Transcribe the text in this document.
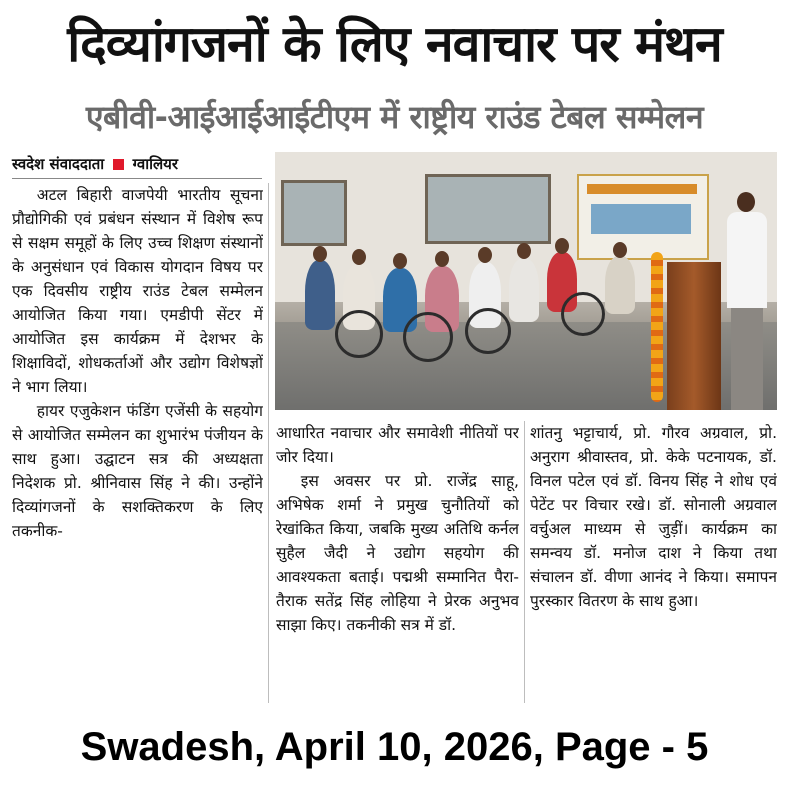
दिव्यांगजनों के लिए नवाचार पर मंथन
एबीवी-आईआईआईटीएम में राष्ट्रीय राउंड टेबल सम्मेलन
स्वदेश संवाददाता ग्वालियर

अटल बिहारी वाजपेयी भारतीय सूचना प्रौद्योगिकी एवं प्रबंधन संस्थान में विशेष रूप से सक्षम समूहों के लिए उच्च शिक्षण संस्थानों के अनुसंधान एवं विकास योगदान विषय पर एक दिवसीय राष्ट्रीय राउंड टेबल सम्मेलन आयोजित किया गया। एमडीपी सेंटर में आयोजित इस कार्यक्रम में देशभर के शिक्षाविदों, शोधकर्ताओं और उद्योग विशेषज्ञों ने भाग लिया।

हायर एजुकेशन फंडिंग एजेंसी के सहयोग से आयोजित सम्मेलन का शुभारंभ पंजीयन के साथ हुआ। उद्घाटन सत्र की अध्यक्षता निदेशक प्रो. श्रीनिवास सिंह ने की। उन्होंने दिव्यांगजनों के सशक्तिकरण के लिए तकनीक-

आधारित नवाचार और समावेशी नीतियों पर जोर दिया।

इस अवसर पर प्रो. राजेंद्र साहू, अभिषेक शर्मा ने प्रमुख चुनौतियों को रेखांकित किया, जबकि मुख्य अतिथि कर्नल सुहैल जैदी ने उद्योग सहयोग की आवश्यकता बताई। पद्मश्री सम्मानित पैरा-तैराक सतेंद्र सिंह लोहिया ने प्रेरक अनुभव साझा किए। तकनीकी सत्र में डॉ.

शांतनु भट्टाचार्य, प्रो. गौरव अग्रवाल, प्रो. अनुराग श्रीवास्तव, प्रो. केके पटनायक, डॉ. विनल पटेल एवं डॉ. विनय सिंह ने शोध एवं पेटेंट पर विचार रखे। डॉ. सोनाली अग्रवाल वर्चुअल माध्यम से जुड़ीं। कार्यक्रम का समन्वय डॉ. मनोज दाश ने किया तथा संचालन डॉ. वीणा आनंद ने किया। समापन पुरस्कार वितरण के साथ हुआ।

Swadesh, April 10, 2026, Page - 5
